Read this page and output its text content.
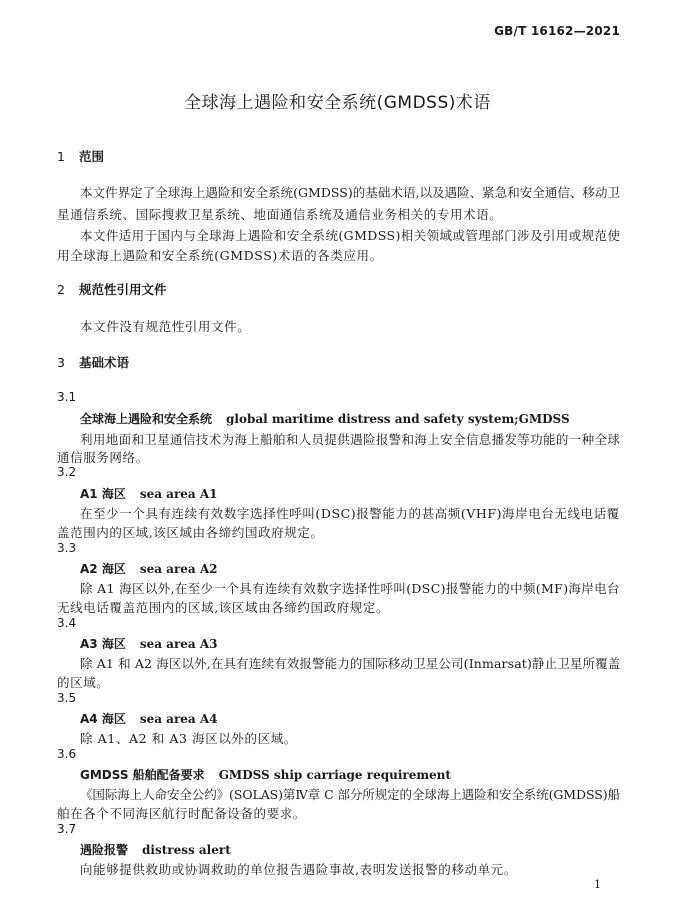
GB/T 16162—2021
全球海上遇险和安全系统(GMDSS)术语
1 范围
本文件界定了全球海上遇险和安全系统(GMDSS)的基础术语,以及遇险、紧急和安全通信、移动卫
星通信系统、国际搜救卫星系统、地面通信系统及通信业务相关的专用术语。
本文件适用于国内与全球海上遇险和安全系统(GMDSS)相关领域或管理部门涉及引用或规范使
用全球海上遇险和安全系统(GMDSS)术语的各类应用。
2 规范性引用文件
本文件没有规范性引用文件。
3 基础术语
3.1
全球海上遇险和安全系统 global maritime distress and safety system;GMDSS
利用地面和卫星通信技术为海上船舶和人员提供遇险报警和海上安全信息播发等功能的一种全球
通信服务网络。
3.2
A1 海区 sea area A1
在至少一个具有连续有效数字选择性呼叫(DSC)报警能力的甚高频(VHF)海岸电台无线电话覆
盖范围内的区域,该区域由各缔约国政府规定。
3.3
A2 海区 sea area A2
除 A1 海区以外,在至少一个具有连续有效数字选择性呼叫(DSC)报警能力的中频(MF)海岸电台
无线电话覆盖范围内的区域,该区域由各缔约国政府规定。
3.4
A3 海区 sea area A3
除 A1 和 A2 海区以外,在具有连续有效报警能力的国际移动卫星公司(Inmarsat)静止卫星所覆盖
的区域。
3.5
A4 海区 sea area A4
除 A1、A2 和 A3 海区以外的区域。
3.6
GMDSS 船舶配备要求 GMDSS ship carriage requirement
《国际海上人命安全公约》(SOLAS)第Ⅳ章 C 部分所规定的全球海上遇险和安全系统(GMDSS)船
舶在各个不同海区航行时配备设备的要求。
3.7
遇险报警 distress alert
向能够提供救助或协调救助的单位报告遇险事故,表明发送报警的移动单元。
1
